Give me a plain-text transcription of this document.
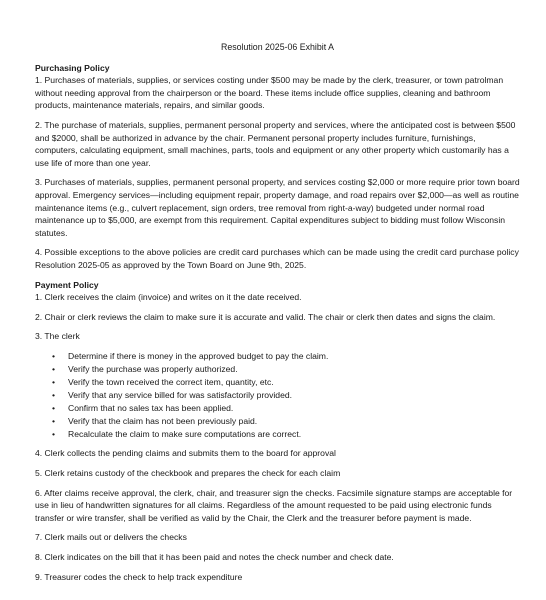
Resolution 2025-06 Exhibit A
Purchasing Policy

1. Purchases of materials, supplies, or services costing under $500 may be made by the clerk, treasurer, or town patrolman without needing approval from the chairperson or the board. These items include office supplies, cleaning and bathroom products, maintenance materials, repairs, and similar goods.

2. The purchase of materials, supplies, permanent personal property and services, where the anticipated cost is between $500 and $2000, shall be authorized in advance by the chair. Permanent personal property includes furniture, furnishings, computers, calculating equipment, small machines, parts, tools and equipment or any other property which customarily has a use life of more than one year.

3. Purchases of materials, supplies, permanent personal property, and services costing $2,000 or more require prior town board approval. Emergency services—including equipment repair, property damage, and road repairs over $2,000—as well as routine maintenance items (e.g., culvert replacement, sign orders, tree removal from right-a-way) budgeted under normal road maintenance up to $5,000, are exempt from this requirement. Capital expenditures subject to bidding must follow Wisconsin statutes.

4. Possible exceptions to the above policies are credit card purchases which can be made using the credit card purchase policy Resolution 2025-05 as approved by the Town Board on June 9th, 2025.

Payment Policy

1. Clerk receives the claim (invoice) and writes on it the date received.

2. Chair or clerk reviews the claim to make sure it is accurate and valid. The chair or clerk then dates and signs the claim.

3. The clerk

• Determine if there is money in the approved budget to pay the claim.
• Verify the purchase was properly authorized.
• Verify the town received the correct item, quantity, etc.
• Verify that any service billed for was satisfactorily provided.
• Confirm that no sales tax has been applied.
• Verify that the claim has not been previously paid.
• Recalculate the claim to make sure computations are correct.

4. Clerk collects the pending claims and submits them to the board for approval

5. Clerk retains custody of the checkbook and prepares the check for each claim

6. After claims receive approval, the clerk, chair, and treasurer sign the checks. Facsimile signature stamps are acceptable for use in lieu of handwritten signatures for all claims. Regardless of the amount requested to be paid using electronic funds transfer or wire transfer, shall be verified as valid by the Chair, the Clerk and the treasurer before payment is made.

7. Clerk mails out or delivers the checks

8. Clerk indicates on the bill that it has been paid and notes the check number and check date.

9. Treasurer codes the check to help track expenditure
